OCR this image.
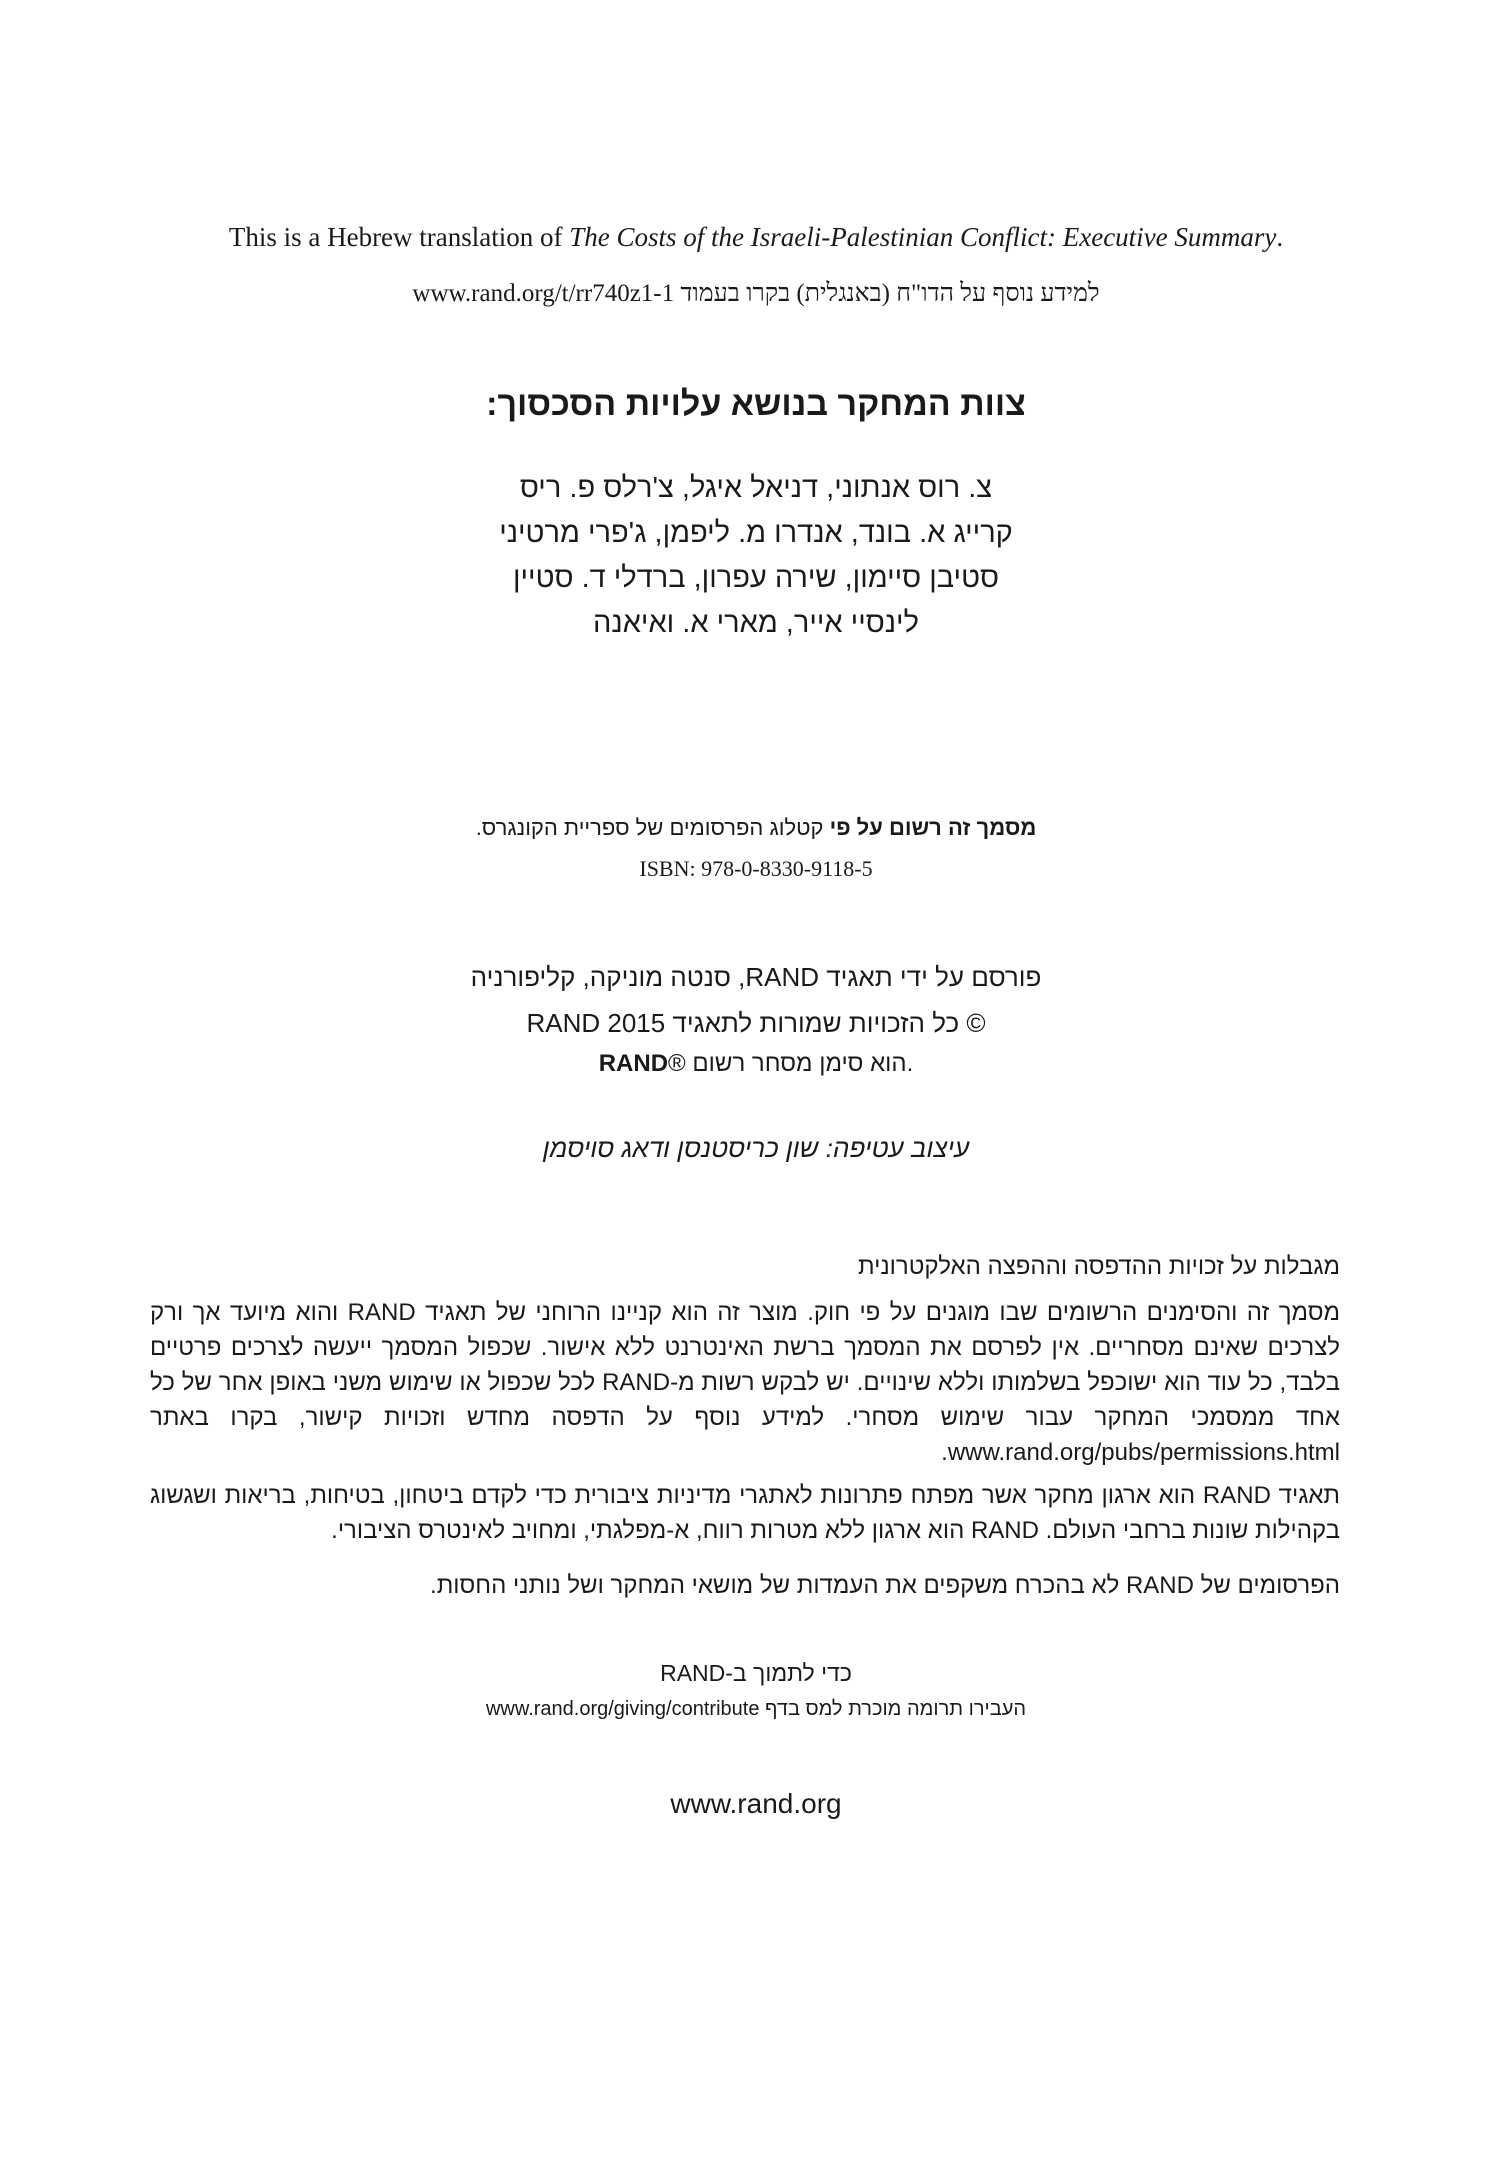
This is a Hebrew translation of The Costs of the Israeli-Palestinian Conflict: Executive Summary.
למידע נוסף על הדו"ח (באנגלית) בקרו בעמוד www.rand.org/t/rr740z1-1
צוות המחקר בנושא עלויות הסכסוך:
צ. רוס אנתוני, דניאל איגל, צ'רלס פ. ריס
קרייג א. בונד, אנדרו מ. ליפמן, ג'פרי מרטיני
סטיבן סיימון, שירה עפרון, ברדלי ד. סטיין
לינסיי אייר, מארי א. ואיאנה
מסמך זה רשום על פי קטלוג הפרסומים של ספריית הקונגרס.
ISBN: 978-0-8330-9118-5
פורסם על ידי תאגיד RAND, סנטה מוניקה, קליפורניה
© כל הזכויות שמורות לתאגיד RAND 2015
RAND® הוא סימן מסחר רשום.
עיצוב עטיפה: שון כריסטנסן ודאג סויסמן
מגבלות על זכויות ההדפסה וההפצה האלקטרונית
מסמך זה והסימנים הרשומים שבו מוגנים על פי חוק. מוצר זה הוא קניינו הרוחני של תאגיד RAND והוא מיועד אך ורק לצרכים שאינם מסחריים. אין לפרסם את המסמך ברשת האינטרנט ללא אישור. שכפול המסמך ייעשה לצרכים פרטיים בלבד, כל עוד הוא ישוכפל בשלמותו וללא שינויים. יש לבקש רשות מ-RAND לכל שכפול או שימוש משני באופן אחר של כל אחד ממסמכי המחקר עבור שימוש מסחרי. למידע נוסף על הדפסה מחדש וזכויות קישור, בקרו באתר www.rand.org/pubs/permissions.html.
תאגיד RAND הוא ארגון מחקר אשר מפתח פתרונות לאתגרי מדיניות ציבורית כדי לקדם ביטחון, בטיחות, בריאות ושגשוג בקהילות שונות ברחבי העולם. RAND הוא ארגון ללא מטרות רווח, א-מפלגתי, ומחויב לאינטרס הציבורי.
הפרסומים של RAND לא בהכרח משקפים את העמדות של מושאי המחקר ושל נותני החסות.
כדי לתמוך ב-RAND
העבירו תרומה מוכרת למס בדף www.rand.org/giving/contribute
www.rand.org
